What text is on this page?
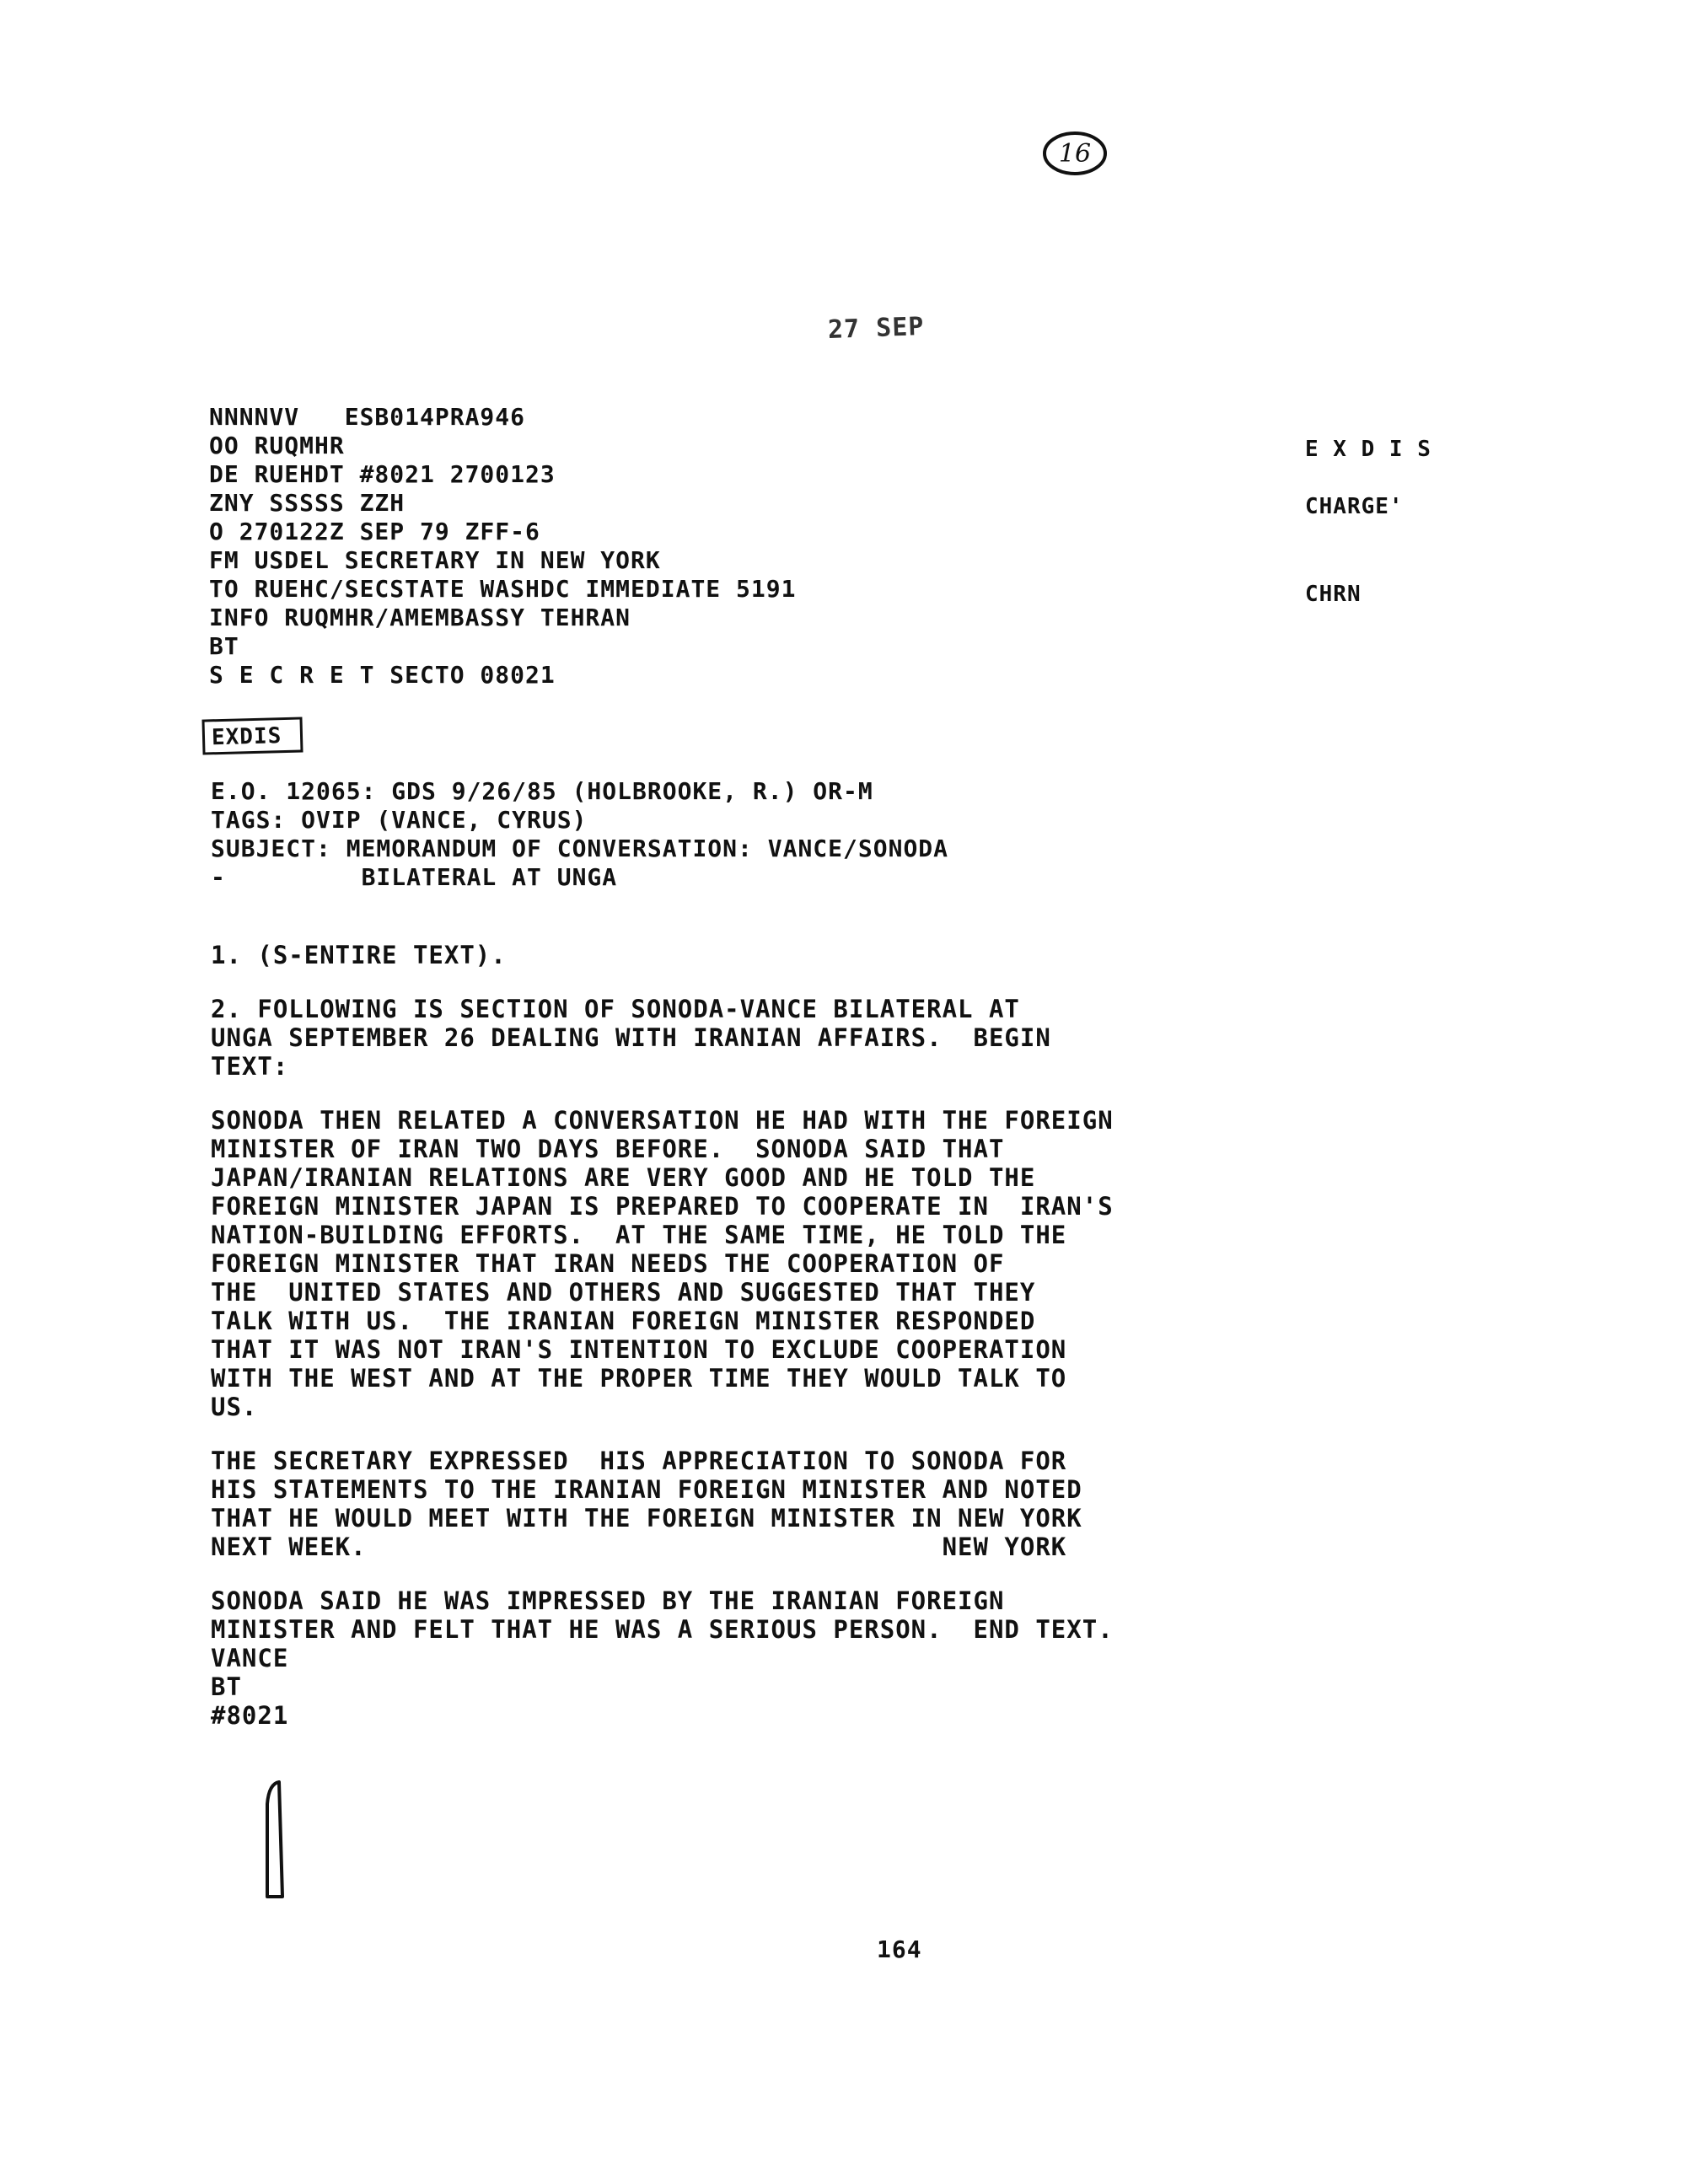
16
27 SEP
E X D I S
CHARGE'
CHRN
NNNNVV   ESB014PRA946
OO RUQMHR
DE RUEHDT #8021 2700123
ZNY SSSSS ZZH
O 270122Z SEP 79 ZFF-6
FM USDEL SECRETARY IN NEW YORK
TO RUEHC/SECSTATE WASHDC IMMEDIATE 5191
INFO RUQMHR/AMEMBASSY TEHRAN
BT
S E C R E T SECTO 08021
EXDIS
E.O. 12065: GDS 9/26/85 (HOLBROOKE, R.) OR-M
TAGS: OVIP (VANCE, CYRUS)
SUBJECT: MEMORANDUM OF CONVERSATION: VANCE/SONODA
-         BILATERAL AT UNGA
1. (S-ENTIRE TEXT).
2. FOLLOWING IS SECTION OF SONODA-VANCE BILATERAL AT
UNGA SEPTEMBER 26 DEALING WITH IRANIAN AFFAIRS.  BEGIN
TEXT:
SONODA THEN RELATED A CONVERSATION HE HAD WITH THE FOREIGN
MINISTER OF IRAN TWO DAYS BEFORE.  SONODA SAID THAT
JAPAN/IRANIAN RELATIONS ARE VERY GOOD AND HE TOLD THE
FOREIGN MINISTER JAPAN IS PREPARED TO COOPERATE IN  IRAN'S
NATION-BUILDING EFFORTS.  AT THE SAME TIME, HE TOLD THE
FOREIGN MINISTER THAT IRAN NEEDS THE COOPERATION OF
THE  UNITED STATES AND OTHERS AND SUGGESTED THAT THEY
TALK WITH US.  THE IRANIAN FOREIGN MINISTER RESPONDED
THAT IT WAS NOT IRAN'S INTENTION TO EXCLUDE COOPERATION
WITH THE WEST AND AT THE PROPER TIME THEY WOULD TALK TO
US.
THE SECRETARY EXPRESSED  HIS APPRECIATION TO SONODA FOR
HIS STATEMENTS TO THE IRANIAN FOREIGN MINISTER AND NOTED
THAT HE WOULD MEET WITH THE FOREIGN MINISTER IN NEW YORK
NEXT WEEK.                                     NEW YORK
SONODA SAID HE WAS IMPRESSED BY THE IRANIAN FOREIGN
MINISTER AND FELT THAT HE WAS A SERIOUS PERSON.  END TEXT.
VANCE
BT
#8021
164
